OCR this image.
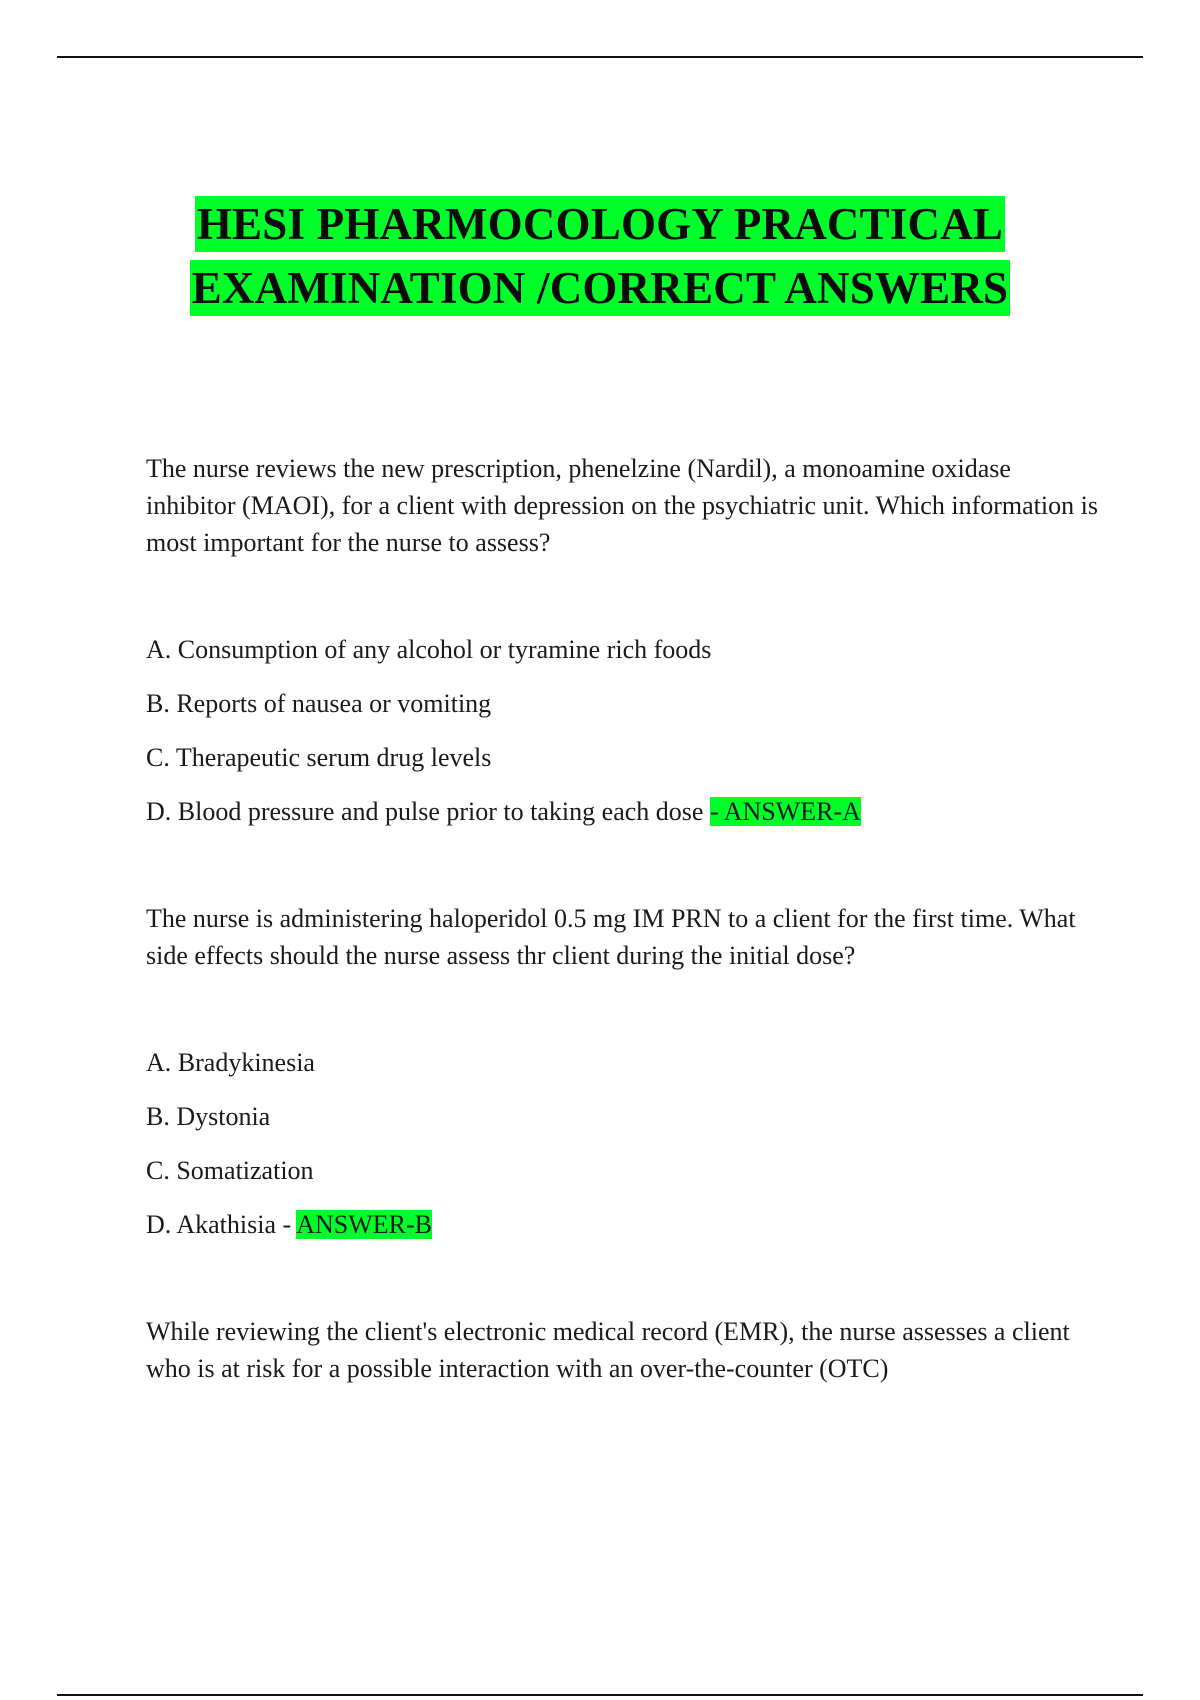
HESI PHARMOCOLOGY PRACTICAL
EXAMINATION /CORRECT ANSWERS

The nurse reviews the new prescription, phenelzine (Nardil), a monoamine oxidase inhibitor (MAOI), for a client with depression on the psychiatric unit. Which information is most important for the nurse to assess?

A. Consumption of any alcohol or tyramine rich foods
B. Reports of nausea or vomiting
C. Therapeutic serum drug levels
D. Blood pressure and pulse prior to taking each dose - ANSWER-A

The nurse is administering haloperidol 0.5 mg IM PRN to a client for the first time. What side effects should the nurse assess thr client during the initial dose?

A. Bradykinesia
B. Dystonia
C. Somatization
D. Akathisia - ANSWER-B

While reviewing the client's electronic medical record (EMR), the nurse assesses a client who is at risk for a possible interaction with an over-the-counter (OTC)
